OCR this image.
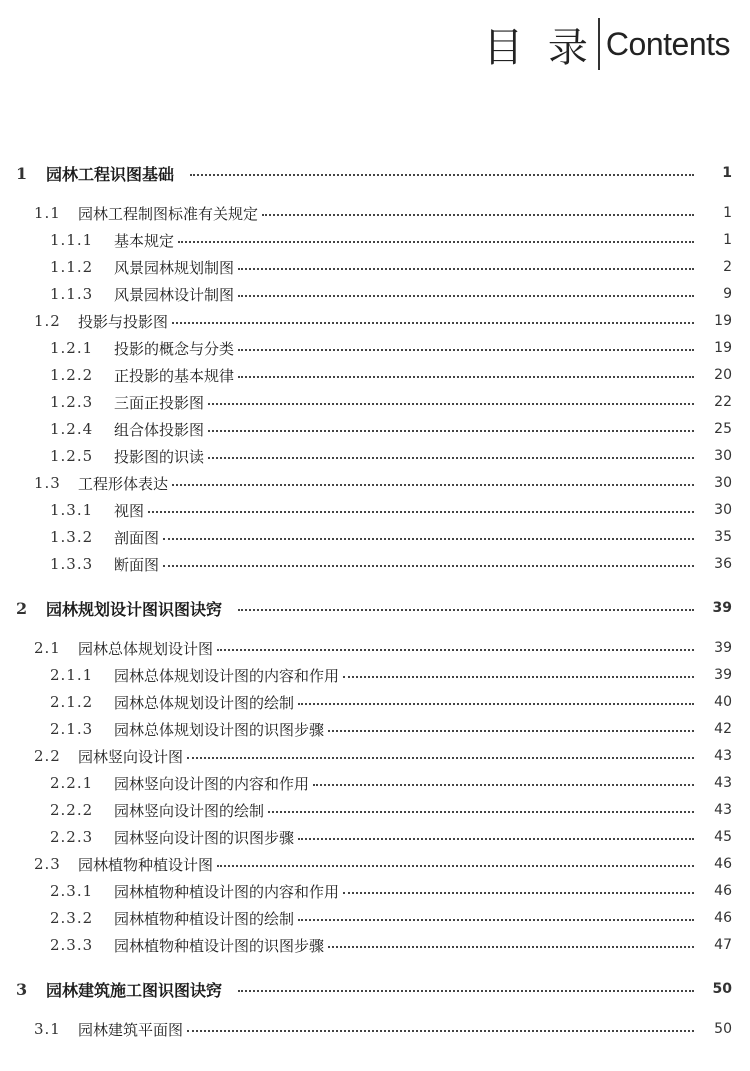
目 录 Contents
1	园林工程识图基础	1
1.1	园林工程制图标准有关规定	1
1.1.1	基本规定	1
1.1.2	风景园林规划制图	2
1.1.3	风景园林设计制图	9
1.2	投影与投影图	19
1.2.1	投影的概念与分类	19
1.2.2	正投影的基本规律	20
1.2.3	三面正投影图	22
1.2.4	组合体投影图	25
1.2.5	投影图的识读	30
1.3	工程形体表达	30
1.3.1	视图	30
1.3.2	剖面图	35
1.3.3	断面图	36
2	园林规划设计图识图诀窍	39
2.1	园林总体规划设计图	39
2.1.1	园林总体规划设计图的内容和作用	39
2.1.2	园林总体规划设计图的绘制	40
2.1.3	园林总体规划设计图的识图步骤	42
2.2	园林竖向设计图	43
2.2.1	园林竖向设计图的内容和作用	43
2.2.2	园林竖向设计图的绘制	43
2.2.3	园林竖向设计图的识图步骤	45
2.3	园林植物种植设计图	46
2.3.1	园林植物种植设计图的内容和作用	46
2.3.2	园林植物种植设计图的绘制	46
2.3.3	园林植物种植设计图的识图步骤	47
3	园林建筑施工图识图诀窍	50
3.1	园林建筑平面图	50
